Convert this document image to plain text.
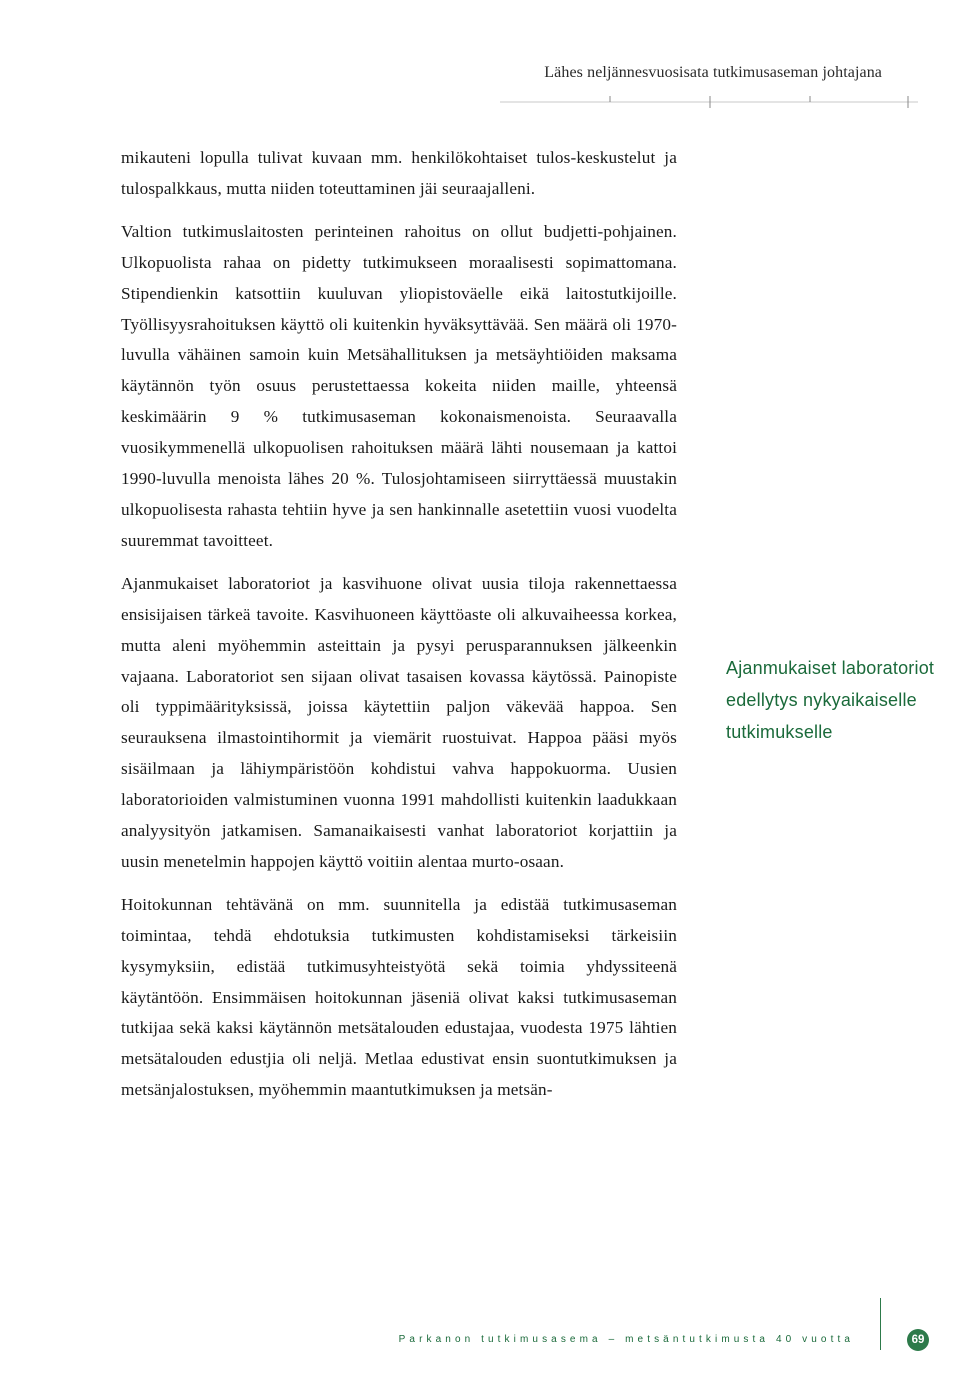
Lähes neljännesvuosisata tutkimusaseman johtajana

mikauteni lopulla tulivat kuvaan mm. henkilökohtaiset tulos-keskustelut ja tulospalkkaus, mutta niiden toteuttaminen jäi seuraajalleni.

Valtion tutkimuslaitosten perinteinen rahoitus on ollut budjetti-pohjainen. Ulkopuolista rahaa on pidetty tutkimukseen moraalisesti sopimattomana. Stipendienkin katsottiin kuuluvan yliopistoväelle eikä laitostutkijoille. Työllisyysrahoituksen käyttö oli kuitenkin hyväksyttävää. Sen määrä oli 1970-luvulla vähäinen samoin kuin Metsähallituksen ja metsäyhtiöiden maksama käytännön työn osuus perustettaessa kokeita niiden maille, yhteensä keskimäärin 9 % tutkimusaseman kokonaismenoista. Seuraavalla vuosikymmenellä ulkopuolisen rahoituksen määrä lähti nousemaan ja kattoi 1990-luvulla menoista lähes 20 %. Tulosjohtamiseen siirryttäessä muustakin ulkopuolisesta rahasta tehtiin hyve ja sen hankinnalle asetettiin vuosi vuodelta suuremmat tavoitteet.

Ajanmukaiset laboratoriot ja kasvihuone olivat uusia tiloja rakennettaessa ensisijaisen tärkeä tavoite. Kasvihuoneen käyttöaste oli alkuvaiheessa korkea, mutta aleni myöhemmin asteittain ja pysyi perusparannuksen jälkeenkin vajaana. Laboratoriot sen sijaan olivat tasaisen kovassa käytössä. Painopiste oli typpimäärityksissä, joissa käytettiin paljon väkevää happoa. Sen seurauksena ilmastointihormit ja viemärit ruostuivat. Happoa pääsi myös sisäilmaan ja lähiympäristöön kohdistui vahva happokuorma. Uusien laboratorioiden valmistuminen vuonna 1991 mahdollisti kuitenkin laadukkaan analyysityön jatkamisen. Samanaikaisesti vanhat laboratoriot korjattiin ja uusin menetelmin happojen käyttö voitiin alentaa murto-osaan.

Hoitokunnan tehtävänä on mm. suunnitella ja edistää tutkimusaseman toimintaa, tehdä ehdotuksia tutkimusten kohdistamiseksi tärkeisiin kysymyksiin, edistää tutkimusyhteistyötä sekä toimia yhdyssiteenä käytäntöön. Ensimmäisen hoitokunnan jäseniä olivat kaksi tutkimusaseman tutkijaa sekä kaksi käytännön metsätalouden edustajaa, vuodesta 1975 lähtien metsätalouden edustjia oli neljä. Metlaa edustivat ensin suontutkimuksen ja metsänjalostuksen, myöhemmin maantutkimuksen ja metsän-

Ajanmukaiset laboratoriot edellytys nykyaikaiselle tutkimukselle
Parkanon tutkimusasema – metsäntutkimusta 40 vuotta	69
